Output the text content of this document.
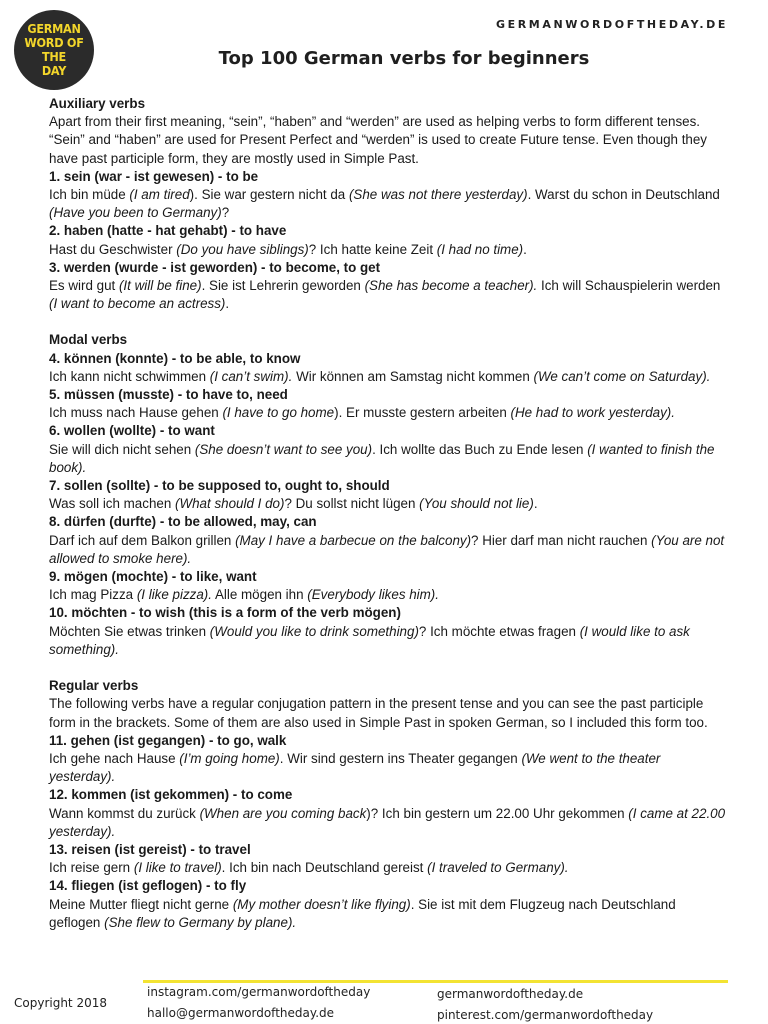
GERMAN
WORD OF THE
DAY
GERMANWORDOFTHEDAY.DE
Top 100 German verbs for beginners

Auxiliary verbs

Apart from their first meaning, “sein”, “haben” and “werden” are used as helping verbs to form different tenses. “Sein” and “haben” are used for Present Perfect and “werden” is used to create Future tense. Even though they have past participle form, they are mostly used in Simple Past.

1. sein (war - ist gewesen) - to be

Ich bin müde (I am tired). Sie war gestern nicht da (She was not there yesterday). Warst du schon in Deutschland (Have you been to Germany)?

2. haben (hatte - hat gehabt) - to have

Hast du Geschwister (Do you have siblings)? Ich hatte keine Zeit (I had no time).

3. werden (wurde - ist geworden) - to become, to get

Es wird gut (It will be fine). Sie ist Lehrerin geworden (She has become a teacher). Ich will Schauspielerin werden (I want to become an actress).

Modal verbs

4. können (konnte) - to be able, to know

Ich kann nicht schwimmen (I can’t swim). Wir können am Samstag nicht kommen (We can’t come on Saturday).

5. müssen (musste) - to have to, need

Ich muss nach Hause gehen (I have to go home). Er musste gestern arbeiten (He had to work yesterday).

6. wollen (wollte) - to want

Sie will dich nicht sehen (She doesn’t want to see you). Ich wollte das Buch zu Ende lesen (I wanted to finish the book).

7. sollen (sollte) - to be supposed to, ought to, should

Was soll ich machen (What should I do)? Du sollst nicht lügen (You should not lie).

8. dürfen (durfte) - to be allowed, may, can

Darf ich auf dem Balkon grillen (May I have a barbecue on the balcony)? Hier darf man nicht rauchen (You are not allowed to smoke here).

9. mögen (mochte) - to like, want

Ich mag Pizza (I like pizza). Alle mögen ihn (Everybody likes him).

10. möchten - to wish (this is a form of the verb mögen)

Möchten Sie etwas trinken (Would you like to drink something)? Ich möchte etwas fragen (I would like to ask something).

Regular verbs

The following verbs have a regular conjugation pattern in the present tense and you can see the past participle form in the brackets. Some of them are also used in Simple Past in spoken German, so I included this form too.

11. gehen (ist gegangen) - to go, walk

Ich gehe nach Hause (I’m going home). Wir sind gestern ins Theater gegangen (We went to the theater yesterday).

12. kommen (ist gekommen) - to come

Wann kommst du zurück (When are you coming back)? Ich bin gestern um 22.00 Uhr gekommen (I came at 22.00 yesterday).

13. reisen (ist gereist) - to travel

Ich reise gern (I like to travel). Ich bin nach Deutschland gereist (I traveled to Germany).

14. fliegen (ist geflogen) - to fly

Meine Mutter fliegt nicht gerne (My mother doesn’t like flying). Sie ist mit dem Flugzeug nach Deutschland geflogen (She flew to Germany by plane).

Copyright 2018
instagram.com/germanwordoftheday
hallo@germanwordoftheday.de
germanwordoftheday.de
pinterest.com/germanwordoftheday
